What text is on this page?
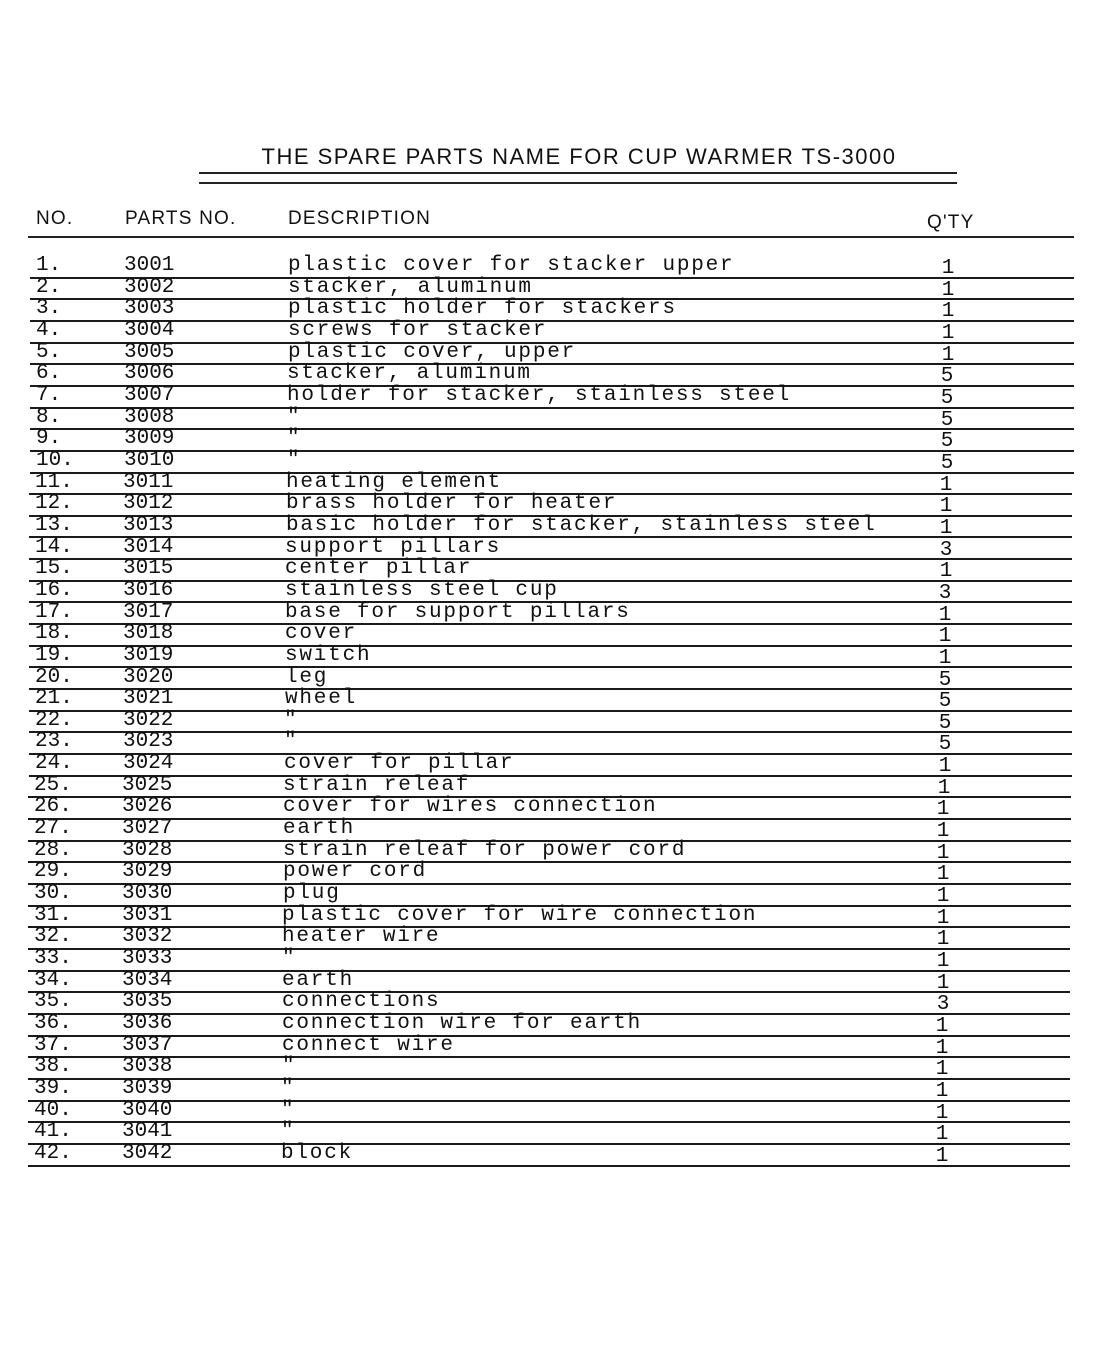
THE SPARE PARTS NAME FOR CUP WARMER TS-3000
NO.	PARTS NO.	DESCRIPTION	Q'TY
1.	3001	plastic cover for stacker upper	1
2.	3002	stacker, aluminum	1
3.	3003	plastic holder for stackers	1
4.	3004	screws for stacker	1
5.	3005	plastic cover, upper	1
6.	3006	stacker, aluminum	5
7.	3007	holder for stacker, stainless steel	5
8.	3008	"	5
9.	3009	"	5
10. 3010	"	5
11. 3011	heating element	1
12. 3012	brass holder for heater	1
13. 3013	basic holder for stacker, stainless steel	1
14. 3014	support pillars	3
15. 3015	center pillar	1
16. 3016	stainless steel cup	3
17. 3017	base for support pillars	1
18. 3018	cover	1
19. 3019	switch	1
20. 3020	leg	5
21. 3021	wheel	5
22. 3022	"	5
23. 3023	"	5
24. 3024	cover for pillar	1
25. 3025	strain releaf	1
26. 3026	cover for wires connection	1
27. 3027	earth	1
28. 3028	strain releaf for power cord	1
29. 3029	power cord	1
30. 3030	plug	1
31. 3031	plastic cover for wire connection	1
32. 3032	heater wire	1
33. 3033	"	1
34. 3034	earth	1
35. 3035	connections	3
36. 3036	connection wire for earth	1
37. 3037	connect wire	1
38. 3038	"	1
39. 3039	"	1
40. 3040	"	1
41. 3041	"	1
42. 3042	block	1
